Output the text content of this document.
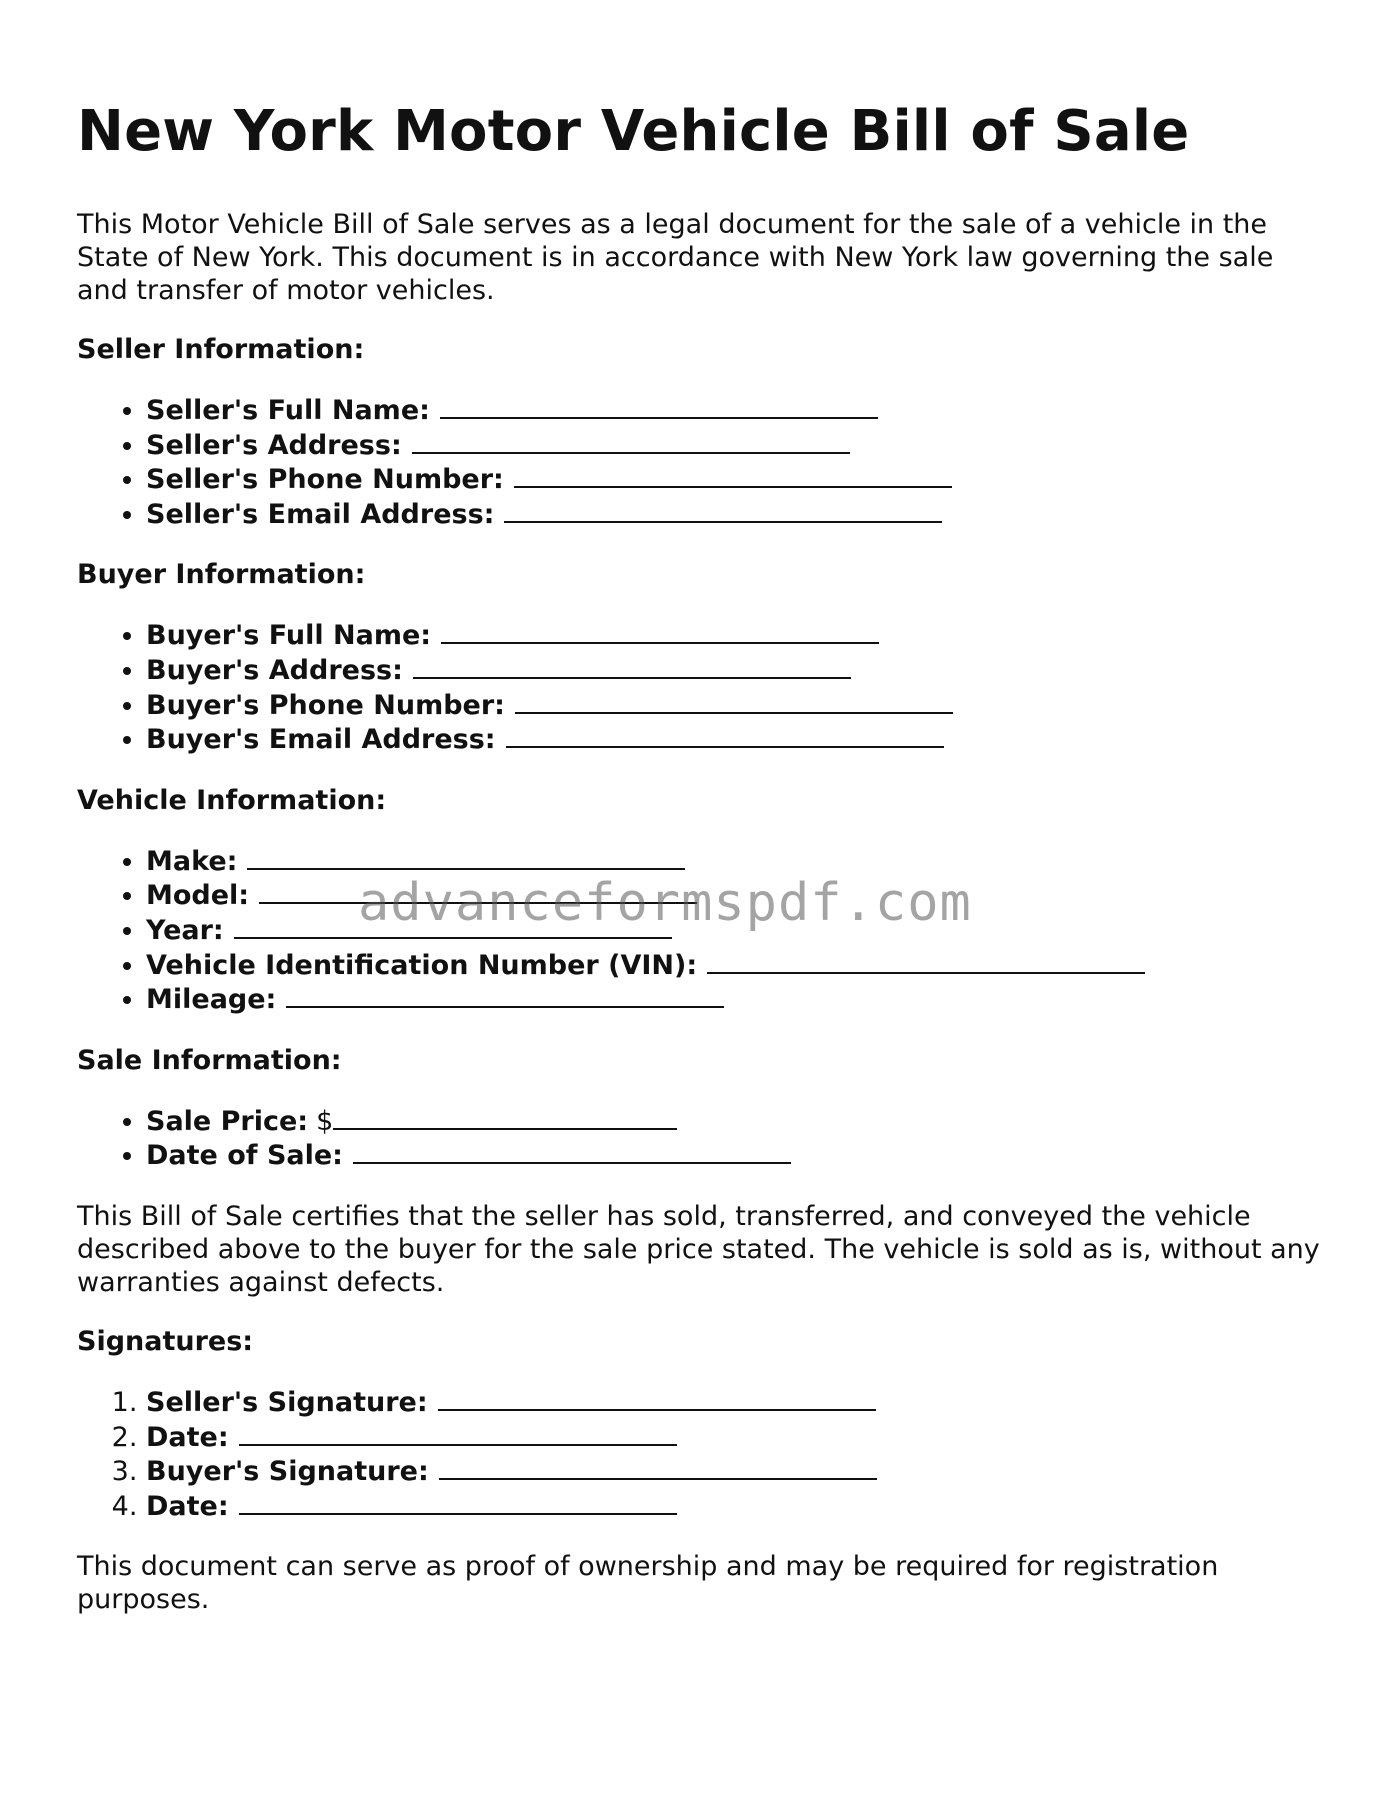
New York Motor Vehicle Bill of Sale

This Motor Vehicle Bill of Sale serves as a legal document for the sale of a vehicle in the State of New York. This document is in accordance with New York law governing the sale and transfer of motor vehicles.

Seller Information:
• Seller's Full Name:
• Seller's Address:
• Seller's Phone Number:
• Seller's Email Address:
Buyer Information:
• Buyer's Full Name:
• Buyer's Address:
• Buyer's Phone Number:
• Buyer's Email Address:
Vehicle Information:
• Make:
• Model:
• Year:
• Vehicle Identification Number (VIN):
• Mileage:
Sale Information:
• Sale Price: $
• Date of Sale:

This Bill of Sale certifies that the seller has sold, transferred, and conveyed the vehicle described above to the buyer for the sale price stated. The vehicle is sold as is, without any warranties against defects.

Signatures:
1. Seller's Signature:
2. Date:
3. Buyer's Signature:
4. Date:

This document can serve as proof of ownership and may be required for registration purposes.

advanceformspdf.com
